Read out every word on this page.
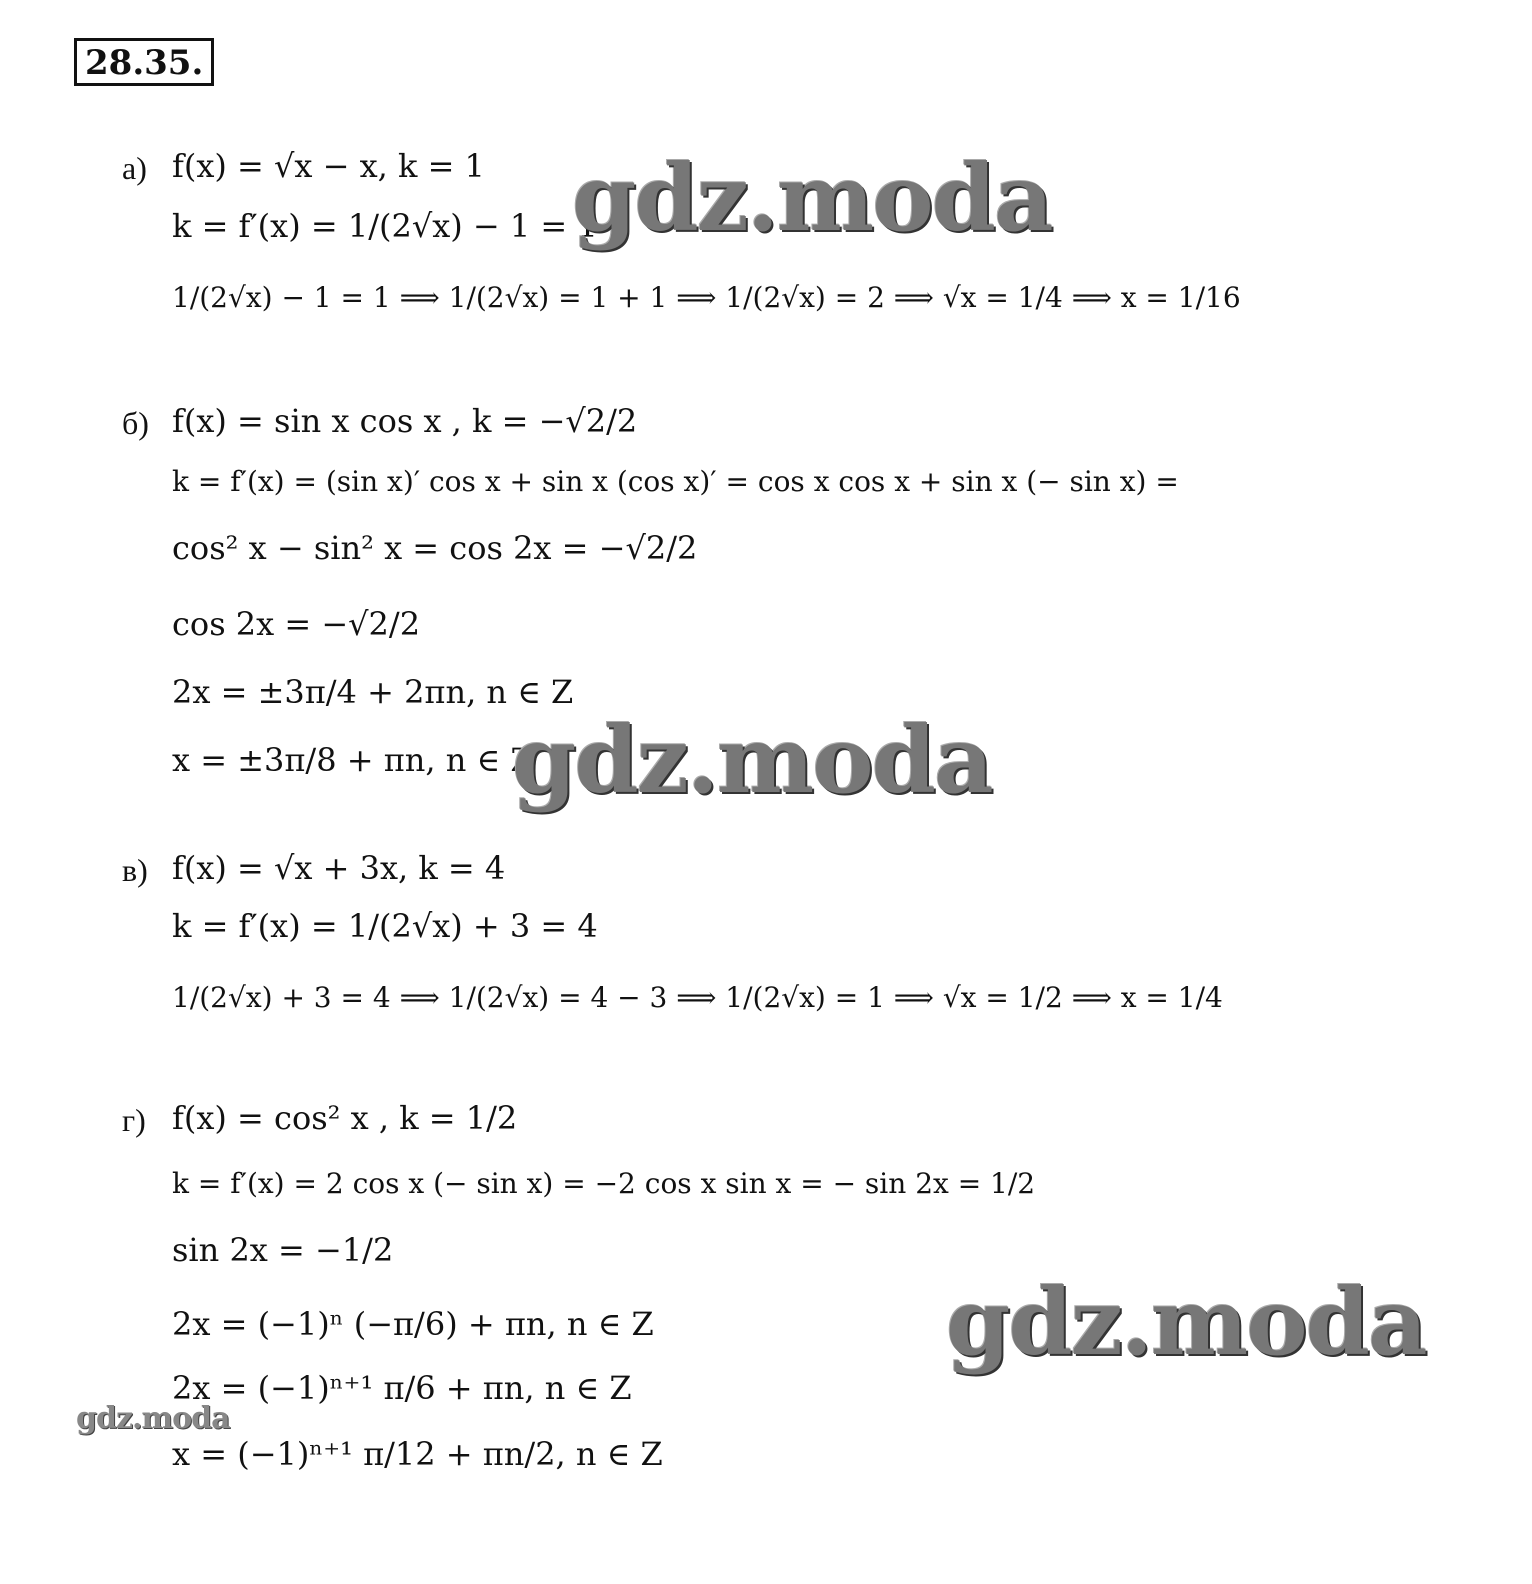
28.35.
а) f(x) = √x − x, k = 1
k = f′(x) = 1/(2√x) − 1 = 1
1/(2√x) − 1 = 1 ⟹ 1/(2√x) = 1 + 1 ⟹ 1/(2√x) = 2 ⟹ √x = 1/4 ⟹ x = 1/16
б) f(x) = sin x cos x , k = −√2/2
k = f′(x) = (sin x)′ cos x + sin x (cos x)′ = cos x cos x + sin x (− sin x) =
cos² x − sin² x = cos 2x = −√2/2
cos 2x = −√2/2
2x = ±3π/4 + 2πn, n ∈ Z
x = ±3π/8 + πn, n ∈ Z
в) f(x) = √x + 3x, k = 4
k = f′(x) = 1/(2√x) + 3 = 4
1/(2√x) + 3 = 4 ⟹ 1/(2√x) = 4 − 3 ⟹ 1/(2√x) = 1 ⟹ √x = 1/2 ⟹ x = 1/4
г) f(x) = cos² x , k = 1/2
k = f′(x) = 2 cos x (− sin x) = −2 cos x sin x = − sin 2x = 1/2
sin 2x = −1/2
2x = (−1)ⁿ (−π/6) + πn, n ∈ Z
2x = (−1)ⁿ⁺¹ π/6 + πn, n ∈ Z
x = (−1)ⁿ⁺¹ π/12 + πn/2, n ∈ Z
gdz.moda
gdz.moda
gdz.moda
gdz.moda
